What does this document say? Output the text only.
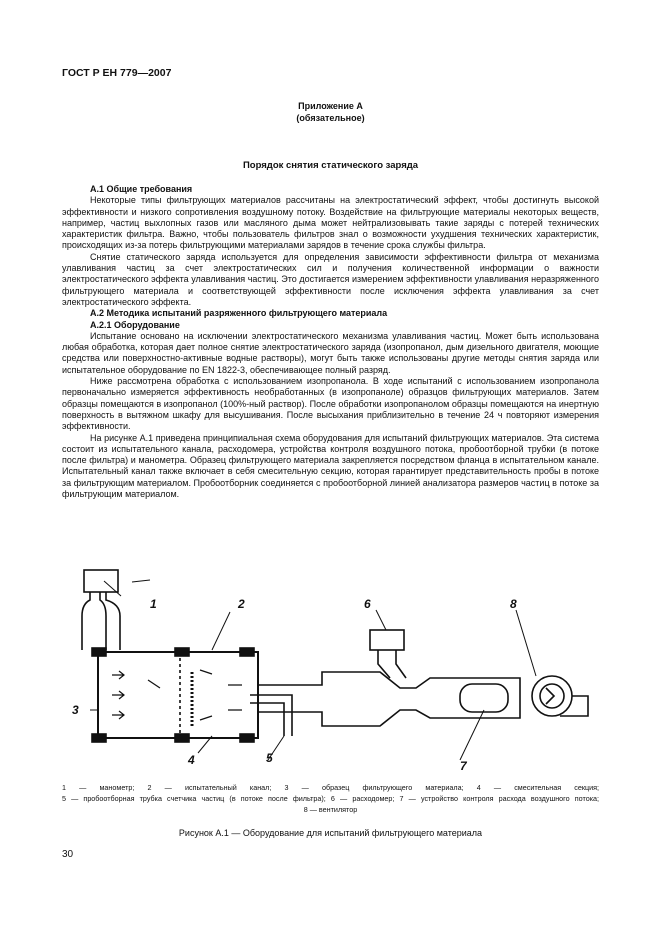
ГОСТ Р ЕН 779—2007
Приложение А
(обязательное)
Порядок снятия статического заряда

А.1 Общие требования

Некоторые типы фильтрующих материалов рассчитаны на электростатический эффект, чтобы достигнуть высокой эффективности и низкого сопротивления воздушному потоку. Воздействие на фильтрующие материалы некоторых веществ, например, частиц выхлопных газов или масляного дыма может нейтрализовывать такие заряды с потерей технических характеристик фильтра. Важно, чтобы пользователь фильтров знал о возможности ухудшения технических характеристик, происходящих из-за потерь фильтрующими материалами зарядов в течение срока службы фильтра.

Снятие статического заряда используется для определения зависимости эффективности фильтра от механизма улавливания частиц за счет электростатических сил и получения количественной информации о важности электростатического эффекта улавливания частиц. Это достигается измерением эффективности улавливания неразряженного фильтрующего материала и соответствующей эффективности после исключения эффекта улавливания за счет электростатического эффекта.

А.2 Методика испытаний разряженного фильтрующего материала

А.2.1 Оборудование

Испытание основано на исключении электростатического механизма улавливания частиц. Может быть использована любая обработка, которая дает полное снятие электростатического заряда (изопропанол, дым дизельного двигателя, моющие средства или поверхностно-активные водные растворы), могут быть также использованы другие методы снятия заряда или испытательное оборудование по EN 1822-3, обеспечивающее полный разряд.

Ниже рассмотрена обработка с использованием изопропанола. В ходе испытаний с использованием изопропанола первоначально измеряется эффективность необработанных (в изопропаноле) образцов фильтрующих материалов. Затем образцы помещаются в изопропанол (100%-ный раствор). После обработки изопропанолом образцы помещаются на инертную поверхность в вытяжном шкафу для высушивания. После высыхания приблизительно в течение 24 ч повторяют измерения эффективности.

На рисунке А.1 приведена принципиальная схема оборудования для испытаний фильтрующих материалов. Эта система состоит из испытательного канала, расходомера, устройства контроля воздушного потока, пробоотборной трубки (в потоке после фильтра) и манометра. Образец фильтрующего материала закрепляется посредством фланца в испытательном канале. Испытательный канал также включает в себя смесительную секцию, которая гарантирует представительность пробы в потоке за фильтрующим материалом. Пробоотборник соединяется с пробоотборной линией анализатора размеров частиц в потоке за фильтрующим материалом.

1	2
3
4	5
6
7
8

1 — манометр; 2 — испытательный канал; 3 — образец фильтрующего материала; 4 — смесительная секция;

5 — пробоотборная трубка счетчика частиц (в потоке после фильтра); 6 — расходомер; 7 — устройство контроля расхода воздушного потока;

8 — вентилятор

Рисунок А.1 — Оборудование для испытаний фильтрующего материала
30
